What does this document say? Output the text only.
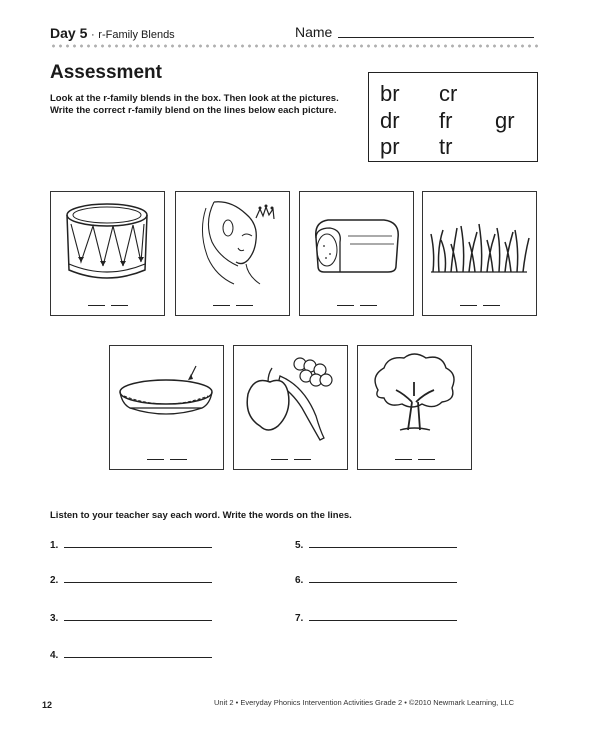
Day 5 · r-Family Blends	Name
Assessment
Look at the r-family blends in the box. Then look at the pictures. Write the correct r-family blend on the lines below each picture.
br cr
dr fr gr
pr tr
Listen to your teacher say each word. Write the words on the lines.
1.
2.
3.
4.
5.
6.
7.
12	Unit 2 • Everyday Phonics Intervention Activities Grade 2 • ©2010 Newmark Learning, LLC
